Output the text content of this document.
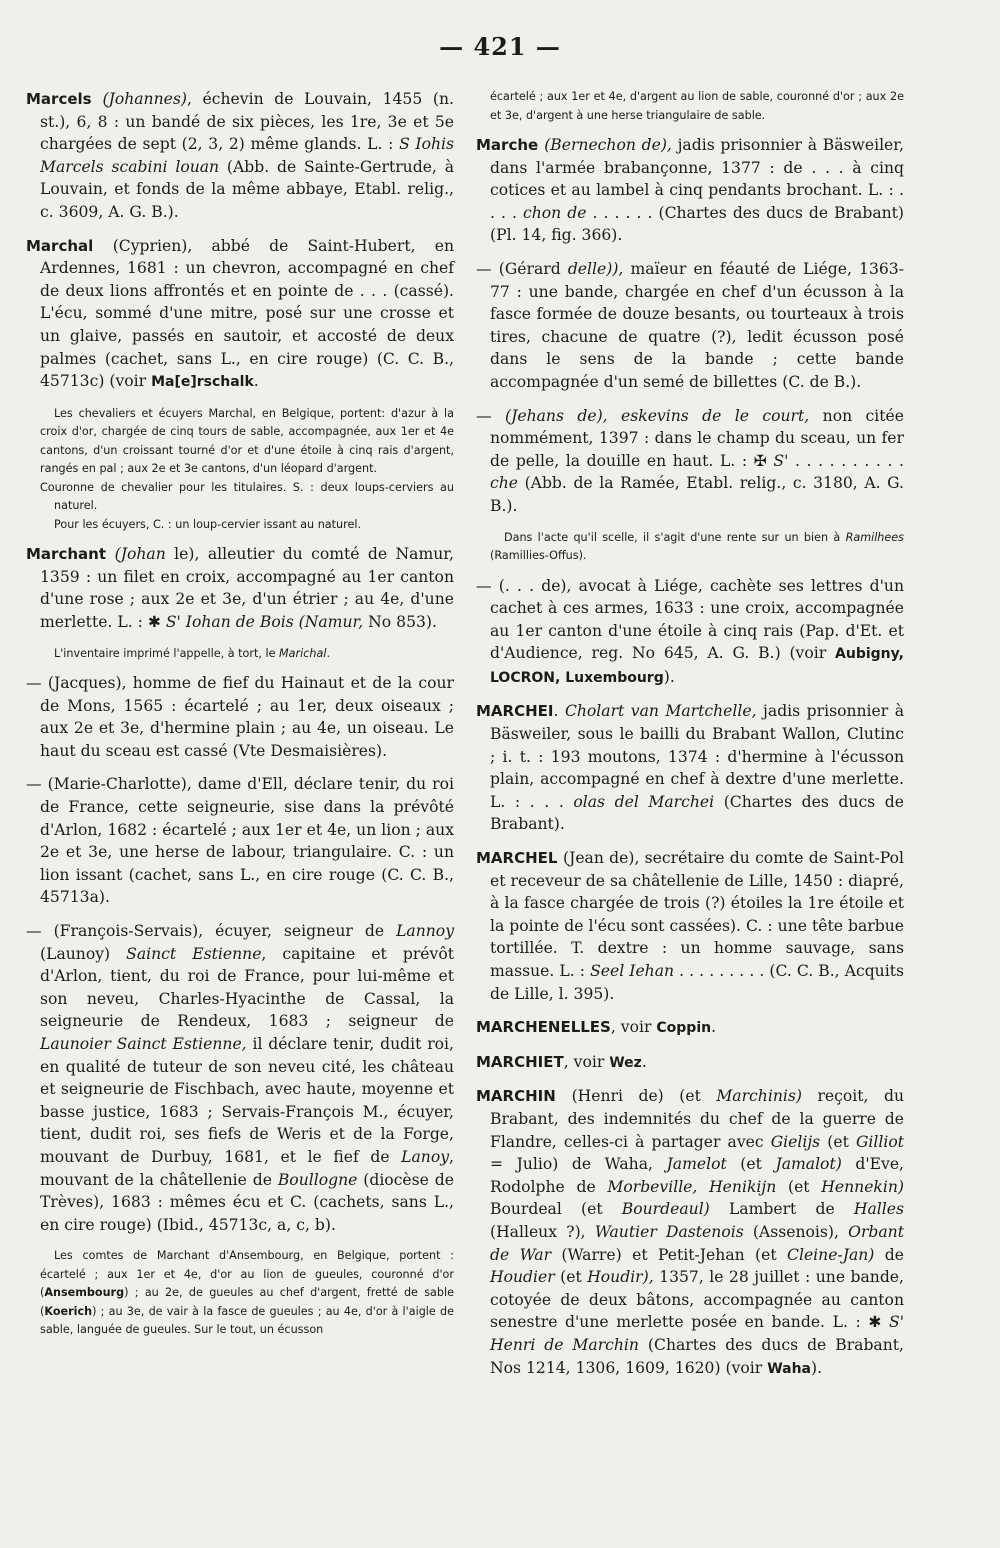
— 421 —

Marcels (Johannes), échevin de Louvain, 1455 (n. st.), 6, 8 : un bandé de six pièces, les 1re, 3e et 5e chargées de sept (2, 3, 2) même glands. L. : S Iohis Marcels scabini louan (Abb. de Sainte-Gertrude, à Louvain, et fonds de la même abbaye, Etabl. relig., c. 3609, A. G. B.).

Marchal (Cyprien), abbé de Saint-Hubert, en Ardennes, 1681 : un chevron, accompagné en chef de deux lions affrontés et en pointe de . . . (cassé). L'écu, sommé d'une mitre, posé sur une crosse et un glaive, passés en sautoir, et accosté de deux palmes (cachet, sans L., en cire rouge) (C. C. B., 45713c) (voir Ma[e]rschalk.

Les chevaliers et écuyers Marchal, en Belgique, portent: d'azur à la croix d'or, chargée de cinq tours de sable, accompagnée, aux 1er et 4e cantons, d'un croissant tourné d'or et d'une étoile à cinq rais d'argent, rangés en pal ; aux 2e et 3e cantons, d'un léopard d'argent.

Couronne de chevalier pour les titulaires. S. : deux loups-cerviers au naturel.

Pour les écuyers, C. : un loup-cervier issant au naturel.

Marchant (Johan le), alleutier du comté de Namur, 1359 : un filet en croix, accompagné au 1er canton d'une rose ; aux 2e et 3e, d'un étrier ; au 4e, d'une merlette. L. : ✱ S' Iohan de Bois (Namur, No 853).

L'inventaire imprimé l'appelle, à tort, le Marichal.

— (Jacques), homme de fief du Hainaut et de la cour de Mons, 1565 : écartelé ; au 1er, deux oiseaux ; aux 2e et 3e, d'hermine plain ; au 4e, un oiseau. Le haut du sceau est cassé (Vte Desmaisières).

— (Marie-Charlotte), dame d'Ell, déclare tenir, du roi de France, cette seigneurie, sise dans la prévôté d'Arlon, 1682 : écartelé ; aux 1er et 4e, un lion ; aux 2e et 3e, une herse de labour, triangulaire. C. : un lion issant (cachet, sans L., en cire rouge (C. C. B., 45713a).

— (François-Servais), écuyer, seigneur de Lannoy (Launoy) Sainct Estienne, capitaine et prévôt d'Arlon, tient, du roi de France, pour lui-même et son neveu, Charles-Hyacinthe de Cassal, la seigneurie de Rendeux, 1683 ; seigneur de Launoier Sainct Estienne, il déclare tenir, dudit roi, en qualité de tuteur de son neveu cité, les château et seigneurie de Fischbach, avec haute, moyenne et basse justice, 1683 ; Servais-François M., écuyer, tient, dudit roi, ses fiefs de Weris et de la Forge, mouvant de Durbuy, 1681, et le fief de Lanoy, mouvant de la châtellenie de Boullogne (diocèse de Trèves), 1683 : mêmes écu et C. (cachets, sans L., en cire rouge) (Ibid., 45713c, a, c, b).

Les comtes de Marchant d'Ansembourg, en Belgique, portent : écartelé ; aux 1er et 4e, d'or au lion de gueules, couronné d'or (Ansembourg) ; au 2e, de gueules au chef d'argent, fretté de sable (Koerich) ; au 3e, de vair à la fasce de gueules ; au 4e, d'or à l'aigle de sable, languée de gueules. Sur le tout, un écusson

écartelé ; aux 1er et 4e, d'argent au lion de sable, couronné d'or ; aux 2e et 3e, d'argent à une herse triangulaire de sable.

Marche (Bernechon de), jadis prisonnier à Bäsweiler, dans l'armée brabançonne, 1377 : de . . . à cinq cotices et au lambel à cinq pendants brochant. L. : . . . . chon de . . . . . . (Chartes des ducs de Brabant) (Pl. 14, fig. 366).

— (Gérard delle)), maïeur en féauté de Liége, 1363-77 : une bande, chargée en chef d'un écusson à la fasce formée de douze besants, ou tourteaux à trois tires, chacune de quatre (?), ledit écusson posé dans le sens de la bande ; cette bande accompagnée d'un semé de billettes (C. de B.).

— (Jehans de), eskevins de le court, non citée nommément, 1397 : dans le champ du sceau, un fer de pelle, la douille en haut. L. : ✠ S' . . . . . . . . . . che (Abb. de la Ramée, Etabl. relig., c. 3180, A. G. B.).

Dans l'acte qu'il scelle, il s'agit d'une rente sur un bien à Ramilhees (Ramillies-Offus).

— (. . . de), avocat à Liége, cachète ses lettres d'un cachet à ces armes, 1633 : une croix, accompagnée au 1er canton d'une étoile à cinq rais (Pap. d'Et. et d'Audience, reg. No 645, A. G. B.) (voir Aubigny, LOCRON, Luxembourg).

MARCHEI. Cholart van Martchelle, jadis prisonnier à Bäsweiler, sous le bailli du Brabant Wallon, Clutinc ; i. t. : 193 moutons, 1374 : d'hermine à l'écusson plain, accompagné en chef à dextre d'une merlette. L. : . . . olas del Marchei (Chartes des ducs de Brabant).

MARCHEL (Jean de), secrétaire du comte de Saint-Pol et receveur de sa châtellenie de Lille, 1450 : diapré, à la fasce chargée de trois (?) étoiles la 1re étoile et la pointe de l'écu sont cassées). C. : une tête barbue tortillée. T. dextre : un homme sauvage, sans massue. L. : Seel Iehan . . . . . . . . . (C. C. B., Acquits de Lille, l. 395).

MARCHENELLES, voir Coppin.

MARCHIET, voir Wez.

MARCHIN (Henri de) (et Marchinis) reçoit, du Brabant, des indemnités du chef de la guerre de Flandre, celles-ci à partager avec Gielijs (et Gilliot = Julio) de Waha, Jamelot (et Jamalot) d'Eve, Rodolphe de Morbeville, Henikijn (et Hennekin) Bourdeal (et Bourdeaul) Lambert de Halles (Halleux ?), Wautier Dastenois (Assenois), Orbant de War (Warre) et Petit-Jehan (et Cleine-Jan) de Houdier (et Houdir), 1357, le 28 juillet : une bande, cotoyée de deux bâtons, accompagnée au canton senestre d'une merlette posée en bande. L. : ✱ S' Henri de Marchin (Chartes des ducs de Brabant, Nos 1214, 1306, 1609, 1620) (voir Waha).
